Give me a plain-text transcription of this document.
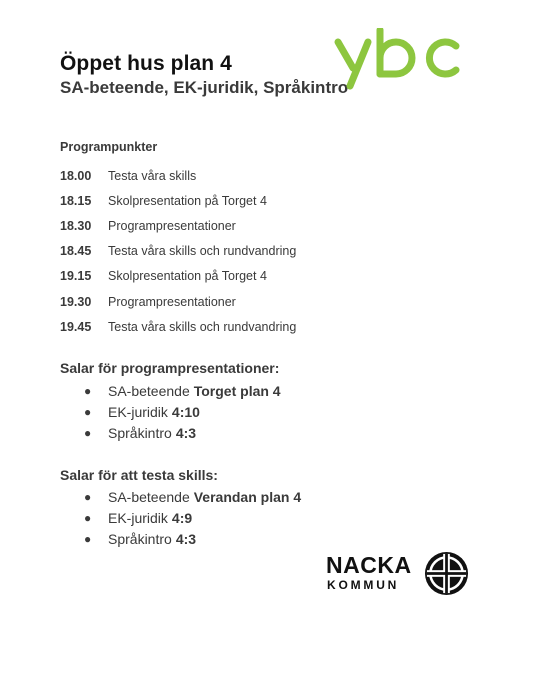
Öppet hus plan 4
SA-beteende, EK-juridik, Språkintro
Programpunkter
18.00	Testa våra skills
18.15	Skolpresentation på Torget 4
18.30	Programpresentationer
18.45	Testa våra skills och rundvandring
19.15	Skolpresentation på Torget 4
19.30	Programpresentationer
19.45	Testa våra skills och rundvandring
Salar för programpresentationer:
●	SA-beteende Torget plan 4
●	EK-juridik 4:10
●	Språkintro 4:3
Salar för att testa skills:
●	SA-beteende Verandan plan 4
●	EK-juridik 4:9
●	Språkintro 4:3
NACKA
KOMMUN
